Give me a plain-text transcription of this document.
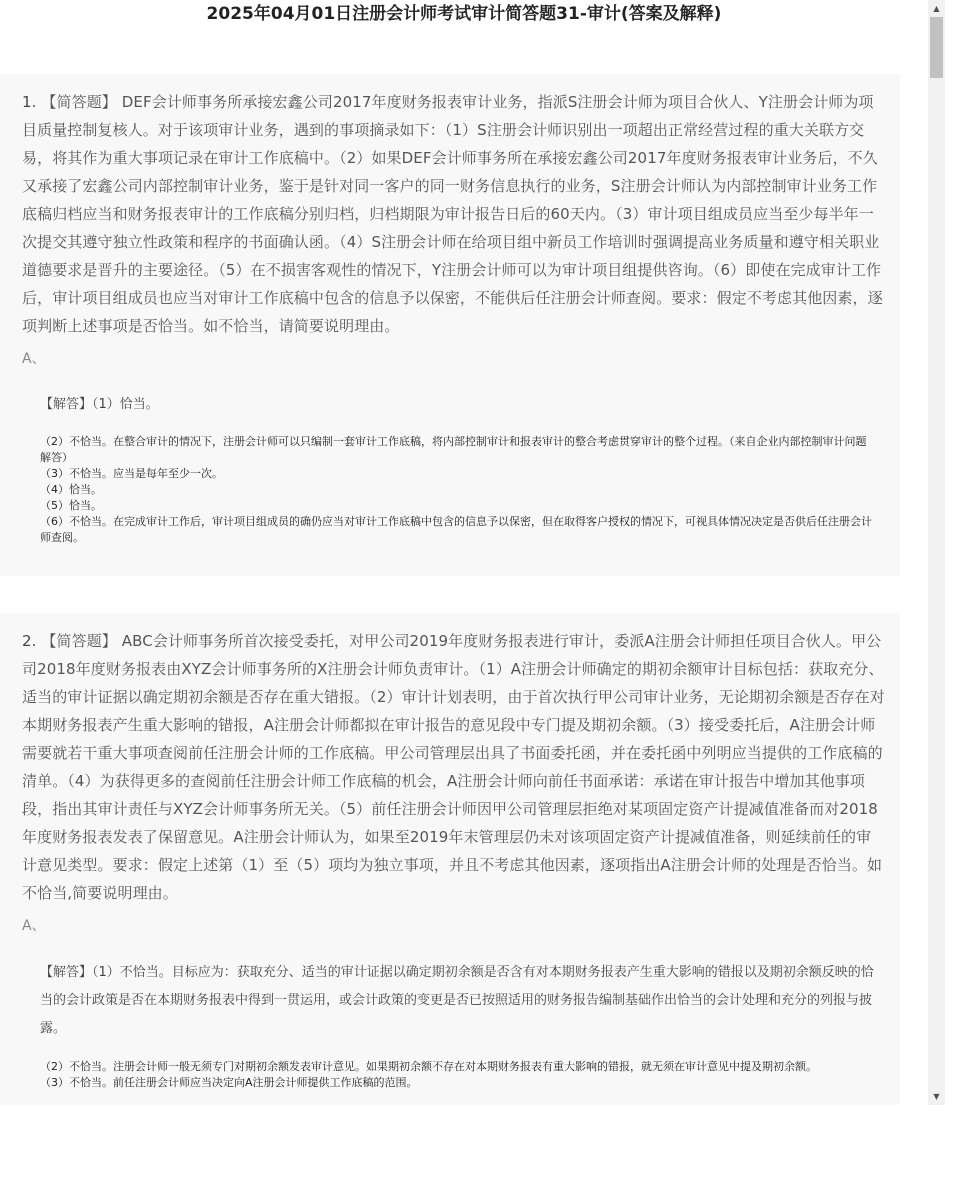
2025年04月01日注册会计师考试审计简答题31-审计(答案及解释)

1. 【简答题】 DEF会计师事务所承接宏鑫公司2017年度财务报表审计业务，指派S注册会计师为项目合伙人、Y注册会计师为项目质量控制复核人。对于该项审计业务，遇到的事项摘录如下：（1）S注册会计师识别出一项超出正常经营过程的重大关联方交易，将其作为重大事项记录在审计工作底稿中。（2）如果DEF会计师事务所在承接宏鑫公司2017年度财务报表审计业务后，不久又承接了宏鑫公司内部控制审计业务，鉴于是针对同一客户的同一财务信息执行的业务，S注册会计师认为内部控制审计业务工作底稿归档应当和财务报表审计的工作底稿分别归档，归档期限为审计报告日后的60天内。（3）审计项目组成员应当至少每半年一次提交其遵守独立性政策和程序的书面确认函。（4）S注册会计师在给项目组中新员工作培训时强调提高业务质量和遵守相关职业道德要求是晋升的主要途径。（5）在不损害客观性的情况下，Y注册会计师可以为审计项目组提供咨询。（6）即使在完成审计工作后，审计项目组成员也应当对审计工作底稿中包含的信息予以保密，不能供后任注册会计师查阅。要求：假定不考虑其他因素，逐项判断上述事项是否恰当。如不恰当，请简要说明理由。

A、
【解答】（1）恰当。
（2）不恰当。在整合审计的情况下，注册会计师可以只编制一套审计工作底稿，将内部控制审计和报表审计的整合考虑贯穿审计的整个过程。（来自企业内部控制审计问题解答）
（3）不恰当。应当是每年至少一次。
（4）恰当。
（5）恰当。
（6）不恰当。在完成审计工作后，审计项目组成员的确仍应当对审计工作底稿中包含的信息予以保密，但在取得客户授权的情况下，可视具体情况决定是否供后任注册会计师查阅。

2. 【简答题】 ABC会计师事务所首次接受委托，对甲公司2019年度财务报表进行审计，委派A注册会计师担任项目合伙人。甲公司2018年度财务报表由XYZ会计师事务所的X注册会计师负责审计。（1）A注册会计师确定的期初余额审计目标包括：获取充分、适当的审计证据以确定期初余额是否存在重大错报。（2）审计计划表明，由于首次执行甲公司审计业务，无论期初余额是否存在对本期财务报表产生重大影响的错报，A注册会计师都拟在审计报告的意见段中专门提及期初余额。（3）接受委托后，A注册会计师需要就若干重大事项查阅前任注册会计师的工作底稿。甲公司管理层出具了书面委托函，并在委托函中列明应当提供的工作底稿的清单。（4）为获得更多的查阅前任注册会计师工作底稿的机会，A注册会计师向前任书面承诺：承诺在审计报告中增加其他事项段，指出其审计责任与XYZ会计师事务所无关。（5）前任注册会计师因甲公司管理层拒绝对某项固定资产计提减值准备而对2018年度财务报表发表了保留意见。A注册会计师认为，如果至2019年末管理层仍未对该项固定资产计提减值准备，则延续前任的审计意见类型。要求：假定上述第（1）至（5）项均为独立事项，并且不考虑其他因素，逐项指出A注册会计师的处理是否恰当。如不恰当,简要说明理由。

A、
【解答】（1）不恰当。目标应为：获取充分、适当的审计证据以确定期初余额是否含有对本期财务报表产生重大影响的错报以及期初余额反映的恰当的会计政策是否在本期财务报表中得到一贯运用，或会计政策的变更是否已按照适用的财务报告编制基础作出恰当的会计处理和充分的列报与披露。
（2）不恰当。注册会计师一般无须专门对期初余额发表审计意见。如果期初余额不存在对本期财务报表有重大影响的错报，就无须在审计意见中提及期初余额。
（3）不恰当。前任注册会计师应当决定向A注册会计师提供工作底稿的范围。
▲
▼
